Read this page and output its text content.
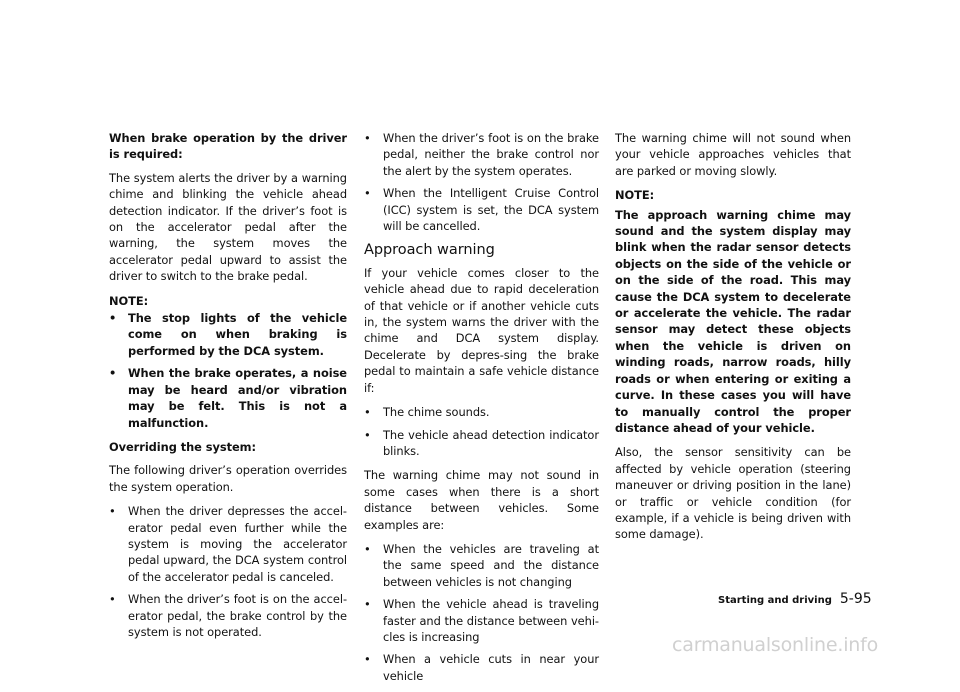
When brake operation by the driver is required:
The system alerts the driver by a warning chime and blinking the vehicle ahead detection indicator. If the driver’s foot is on the accelerator pedal after the warning, the system moves the accelerator pedal upward to assist the driver to switch to the brake pedal.
NOTE:
• The stop lights of the vehicle come on when braking is performed by the DCA system.
• When the brake operates, a noise may be heard and/or vibration may be felt. This is not a malfunction.
Overriding the system:
The following driver’s operation overrides the system operation.
• When the driver depresses the accel-erator pedal even further while the system is moving the accelerator pedal upward, the DCA system control of the accelerator pedal is canceled.
• When the driver’s foot is on the accel-erator pedal, the brake control by the system is not operated.
• When the driver’s foot is on the brake pedal, neither the brake control nor the alert by the system operates.
• When the Intelligent Cruise Control (ICC) system is set, the DCA system will be cancelled.
Approach warning
If your vehicle comes closer to the vehicle ahead due to rapid deceleration of that vehicle or if another vehicle cuts in, the system warns the driver with the chime and DCA system display. Decelerate by depres-sing the brake pedal to maintain a safe vehicle distance if:
• The chime sounds.
• The vehicle ahead detection indicator blinks.
The warning chime may not sound in some cases when there is a short distance between vehicles. Some examples are:
• When the vehicles are traveling at the same speed and the distance between vehicles is not changing
• When the vehicle ahead is traveling faster and the distance between vehi-cles is increasing
• When a vehicle cuts in near your vehicle
The warning chime will not sound when your vehicle approaches vehicles that are parked or moving slowly.
NOTE:
The approach warning chime may sound and the system display may blink when the radar sensor detects objects on the side of the vehicle or on the side of the road. This may cause the DCA system to decelerate or accelerate the vehicle. The radar sensor may detect these objects when the vehicle is driven on winding roads, narrow roads, hilly roads or when entering or exiting a curve. In these cases you will have to manually control the proper distance ahead of your vehicle.
Also, the sensor sensitivity can be affected by vehicle operation (steering maneuver or driving position in the lane) or traffic or vehicle condition (for example, if a vehicle is being driven with some damage).
Starting and driving 5-95
carmanualsonline.info
